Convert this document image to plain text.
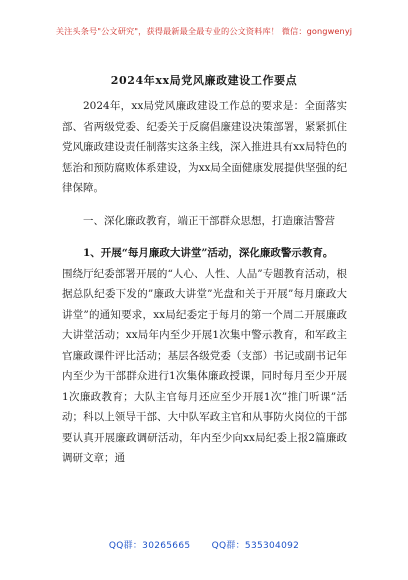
关注头条号"公文研究"，获得最新最全最专业的公文资料库！ 微信：gongwenyj
2024年xx局党风廉政建设工作要点

2024年，xx局党风廉政建设工作总的要求是：全面落实部、省两级党委、纪委关于反腐倡廉建设决策部署，紧紧抓住党风廉政建设责任制落实这条主线，深入推进具有xx局特色的惩治和预防腐败体系建设，为xx局全面健康发展提供坚强的纪律保障。

一、深化廉政教育，端正干部群众思想，打造廉洁警营

1、开展“每月廉政大讲堂”活动，深化廉政警示教育。

围绕厅纪委部署开展的“人心、人性、人品”专题教育活动，根据总队纪委下发的”廉政大讲堂”光盘和关于开展”每月廉政大讲堂”的通知要求，xx局纪委定于每月的第一个周二开展廉政大讲堂活动；xx局年内至少开展1次集中警示教育，和军政主官廉政课件评比活动；基层各级党委（支部）书记或副书记年内至少为干部群众进行1次集体廉政授课，同时每月至少开展1次廉政教育；大队主官每月还应至少开展1次”推门听课”活动；科以上领导干部、大中队军政主官和从事防火岗位的干部要认真开展廉政调研活动，年内至少向xx局纪委上报2篇廉政调研文章；通

QQ群：30265665 QQ群：535304092
